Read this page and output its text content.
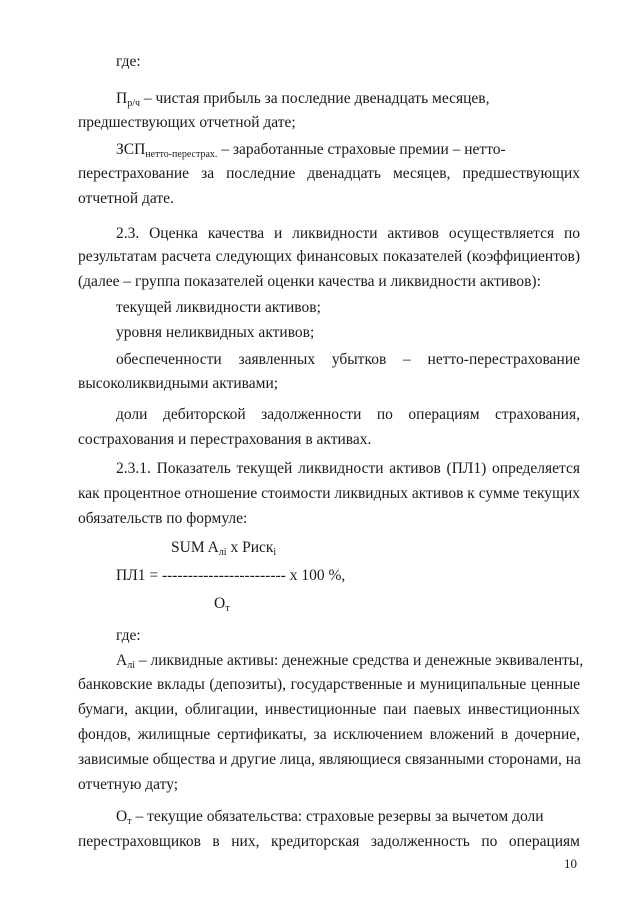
где:
$П_{р/ч}$ – чистая прибыль за последние двенадцать месяцев,
предшествующих отчетной дате;
$ЗСП_{нетто-перестрах.}$ – заработанные страховые премии – нетто-
перестрахование за последние двенадцать месяцев, предшествующих
отчетной дате.
2.3. Оценка качества и ликвидности активов осуществляется по
результатам расчета следующих финансовых показателей (коэффициентов)
(далее – группа показателей оценки качества и ликвидности активов):
текущей ликвидности активов;
уровня неликвидных активов;
обеспеченности заявленных убытков – нетто-перестрахование
высоколиквидными активами;
доли дебиторской задолженности по операциям страхования,
сострахования и перестрахования в активах.
2.3.1. Показатель текущей ликвидности активов (ПЛ1) определяется
как процентное отношение стоимости ликвидных активов к сумме текущих
обязательств по формуле:
SUM $A_{лi}$ x Риск$_i$
ПЛ1 = ------------------------ х 100 %,
$О_т$
где:
$А_{лi}$ – ликвидные активы: денежные средства и денежные эквиваленты,
банковские вклады (депозиты), государственные и муниципальные ценные
бумаги, акции, облигации, инвестиционные паи паевых инвестиционных
фондов, жилищные сертификаты, за исключением вложений в дочерние,
зависимые общества и другие лица, являющиеся связанными сторонами, на
отчетную дату;
$О_т$ – текущие обязательства: страховые резервы за вычетом доли
перестраховщиков в них, кредиторская задолженность по операциям
10
